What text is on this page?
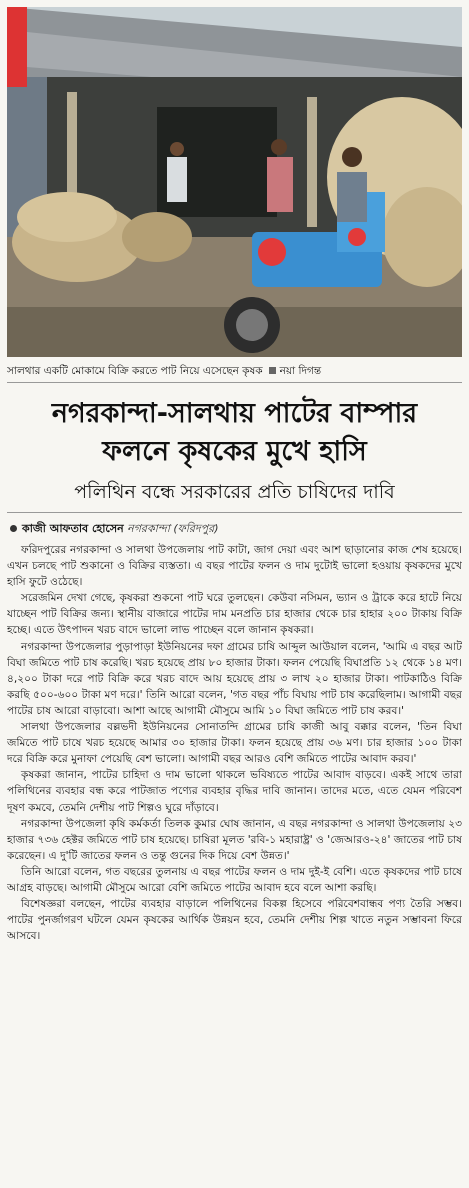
সালথার একটি মোকামে বিক্রি করতে পাট নিয়ে এসেছেন কৃষক নয়া দিগন্ত
নগরকান্দা-সালথায় পাটের বাম্পার
ফলনে কৃষকের মুখে হাসি
পলিথিন বন্ধে সরকারের প্রতি চাষিদের দাবি
কাজী আফতাব হোসেন নগরকান্দা (ফরিদপুর)

ফরিদপুরের নগরকান্দা ও সালথা উপজেলায় পাট কাটা, জাগ দেয়া এবং আশ ছাড়ানোর কাজ শেষ হয়েছে। এখন চলছে পাট শুকানো ও বিক্রির ব্যস্ততা। এ বছর পাটের ফলন ও দাম দুটোই ভালো হওয়ায় কৃষকদের মুখে হাসি ফুটে ওঠেছে।

সরেজমিন দেখা গেছে, কৃষকরা শুকনো পাট ঘরে তুলছেন। কেউবা নসিমন, ভ্যান ও ট্রাকে করে হাটে নিয়ে যাচ্ছেন পাট বিক্রির জন্য। স্থানীয় বাজারে পাটের দাম মনপ্রতি চার হাজার থেকে চার হাহার ২০০ টাকায় বিক্রি হচ্ছে। এতে উৎপাদন খরচ বাদে ভালো লাভ পাচ্ছেন বলে জানান কৃষকরা।

নগরকান্দা উপজেলার পুড়াপাড়া ইউনিয়নের দফা গ্রামের চাষি আব্দুল আউয়াল বলেন, 'আমি এ বছর আট বিঘা জমিতে পাট চাষ করেছি। খরচ হয়েছে প্রায় ৮০ হাজার টাকা। ফলন পেয়েছি বিঘাপ্রতি ১২ থেকে ১৪ মণ। ৪,২০০ টাকা দরে পাট বিক্রি করে খরচ বাদে আয় হয়েছে প্রায় ৩ লাখ ২০ হাজার টাকা। পাটকাঠিও বিক্রি করছি ৫০০-৬০০ টাকা মণ দরে।' তিনি আরো বলেন, 'গত বছর পাঁচ বিঘায় পাট চাষ করেছিলাম। আগামী বছর পাটের চাষ আরো বাড়াবো। আশা আছে আগামী মৌসুমে আমি ১০ বিঘা জমিতে পাট চাষ করব।'

সালথা উপজেলার বল্লভদী ইউনিয়নের সোনাতন্দি গ্রামের চাষি কাজী আবু বক্কার বলেন, 'তিন বিঘা জমিতে পাট চাষে খরচ হয়েছে আমার ৩০ হাজার টাকা। ফলন হয়েছে প্রায় ৩৬ মণ। চার হাজার ১০০ টাকা দরে বিক্রি করে মুনাফা পেয়েছি বেশ ভালো। আগামী বছর আরও বেশি জমিতে পাটের আবাদ করব।'

কৃষকরা জানান, পাটের চাহিদা ও দাম ভালো থাকলে ভবিষ্যতে পাটের আবাদ বাড়বে। একই সাথে তারা পলিথিনের ব্যবহার বন্ধ করে পাটজাত পণ্যের ব্যবহার বৃদ্ধির দাবি জানান। তাদের মতে, এতে যেমন পরিবেশ দূষণ কমবে, তেমনি দেশীয় পাট শিল্পও ঘুরে দাঁড়াবে।

নগরকান্দা উপজেলা কৃষি কর্মকর্তা তিলক কুমার ঘোষ জানান, এ বছর নগরকান্দা ও সালথা উপজেলায় ২৩ হাজার ৭৩৬ হেক্টর জমিতে পাট চাষ হয়েছে। চাষিরা মূলত 'রবি-১ মহারাষ্ট্র' ও 'জেআরও-২৪' জাতের পাট চাষ করেছেন। এ দু'টি জাতের ফলন ও তন্তু গুনের দিক দিয়ে বেশ উন্নত।'

তিনি আরো বলেন, গত বছরের তুলনায় এ বছর পাটের ফলন ও দাম দুই-ই বেশি। এতে কৃষকদের পাট চাষে আগ্রহ বাড়ছে। আগামী মৌসুমে আরো বেশি জমিতে পাটের আবাদ হবে বলে আশা করছি।

বিশেষজ্ঞরা বলছেন, পাটের ব্যবহার বাড়ালে পলিথিনের বিকল্প হিসেবে পরিবেশবান্ধব পণ্য তৈরি সম্ভব। পাটের পুনর্জাগরণ ঘটলে যেমন কৃষকের আর্থিক উন্নয়ন হবে, তেমনি দেশীয় শিল্প খাতে নতুন সম্ভাবনা ফিরে আসবে।
